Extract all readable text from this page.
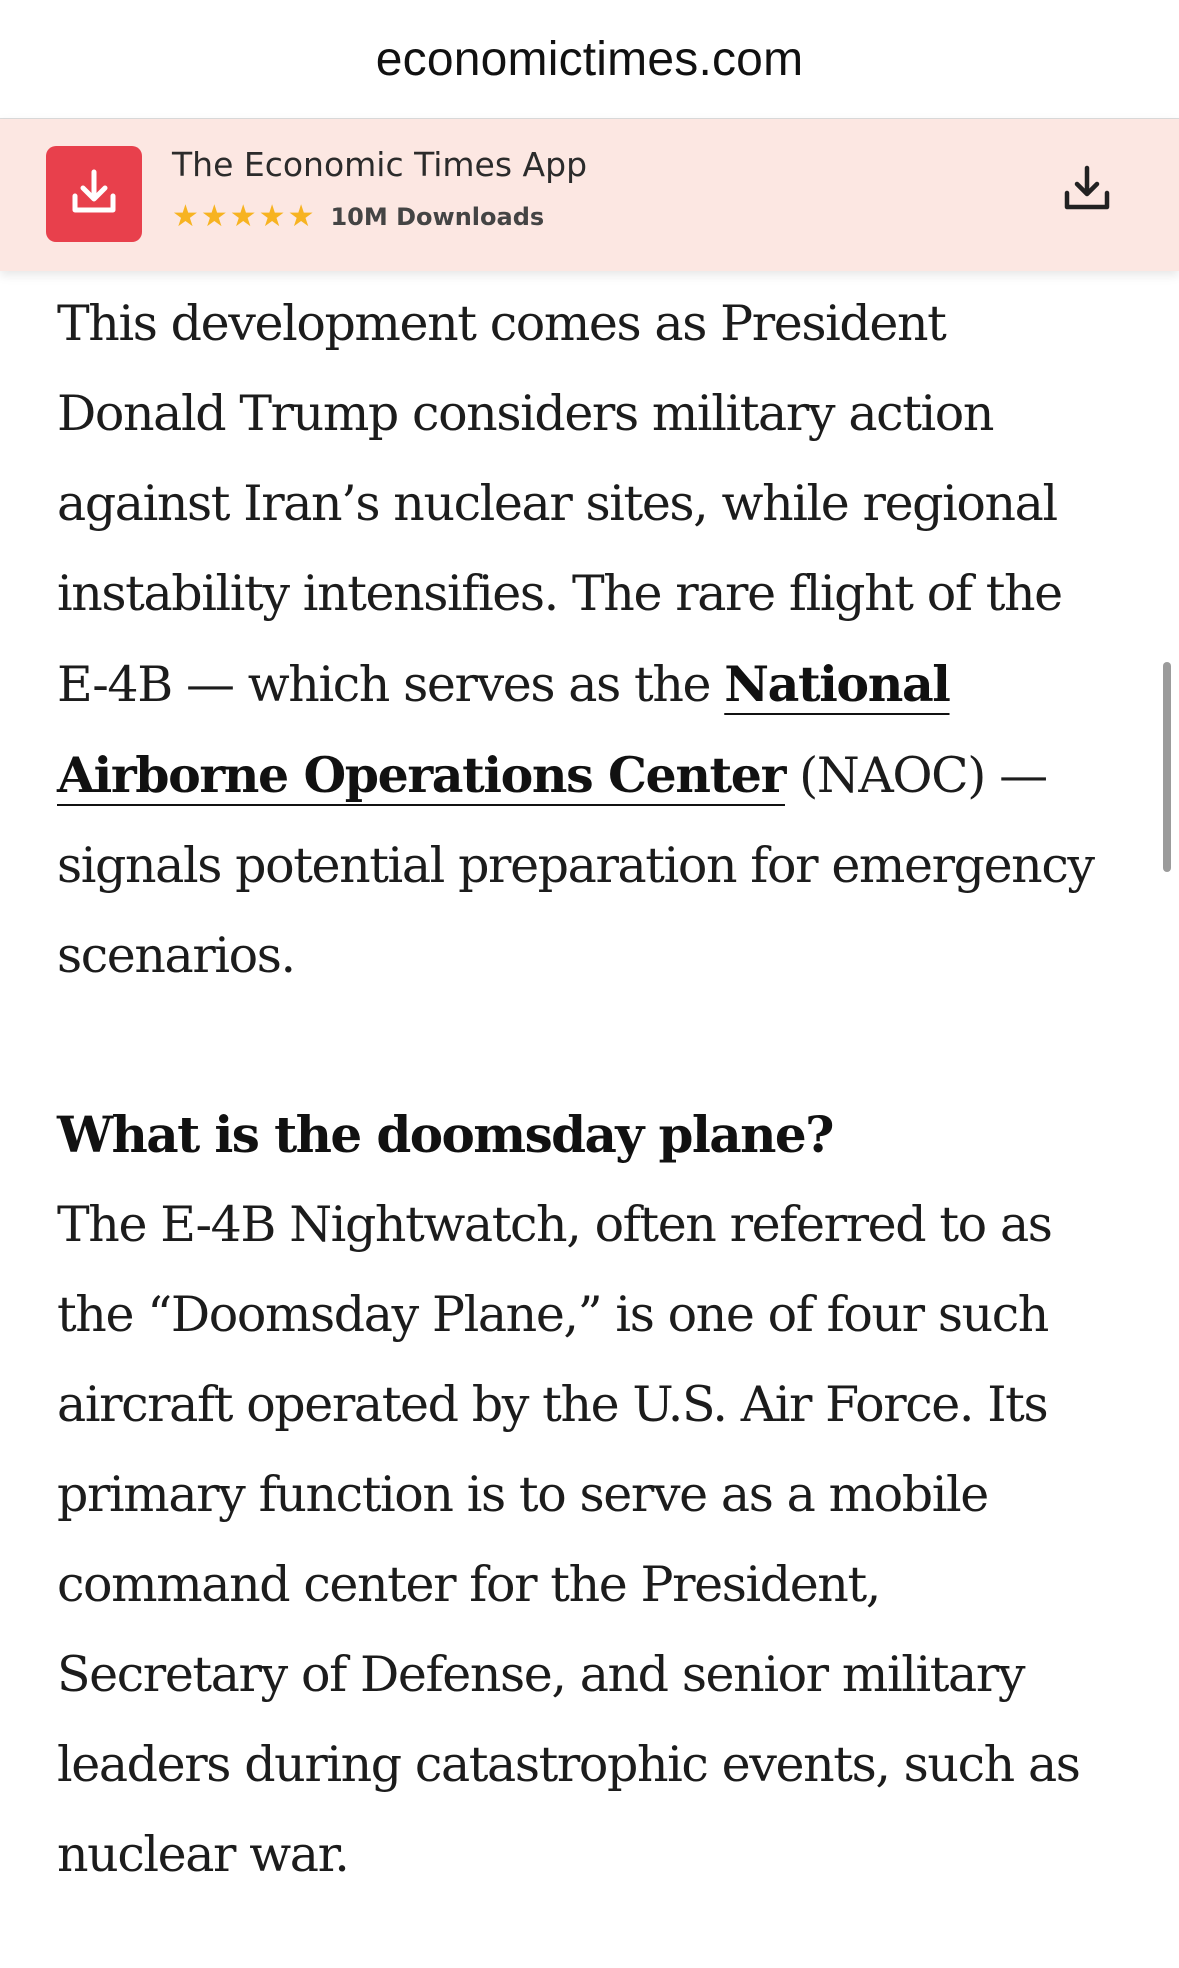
economictimes.com
The Economic Times App
★★★★★ 10M Downloads

This development comes as President Donald Trump considers military action against Iran’s nuclear sites, while regional instability intensifies. The rare flight of the E-4B — which serves as the National Airborne Operations Center (NAOC) — signals potential preparation for emergency scenarios.

What is the doomsday plane?

The E-4B Nightwatch, often referred to as the “Doomsday Plane,” is one of four such aircraft operated by the U.S. Air Force. Its primary function is to serve as a mobile command center for the President, Secretary of Defense, and senior military leaders during catastrophic events, such as nuclear war.
